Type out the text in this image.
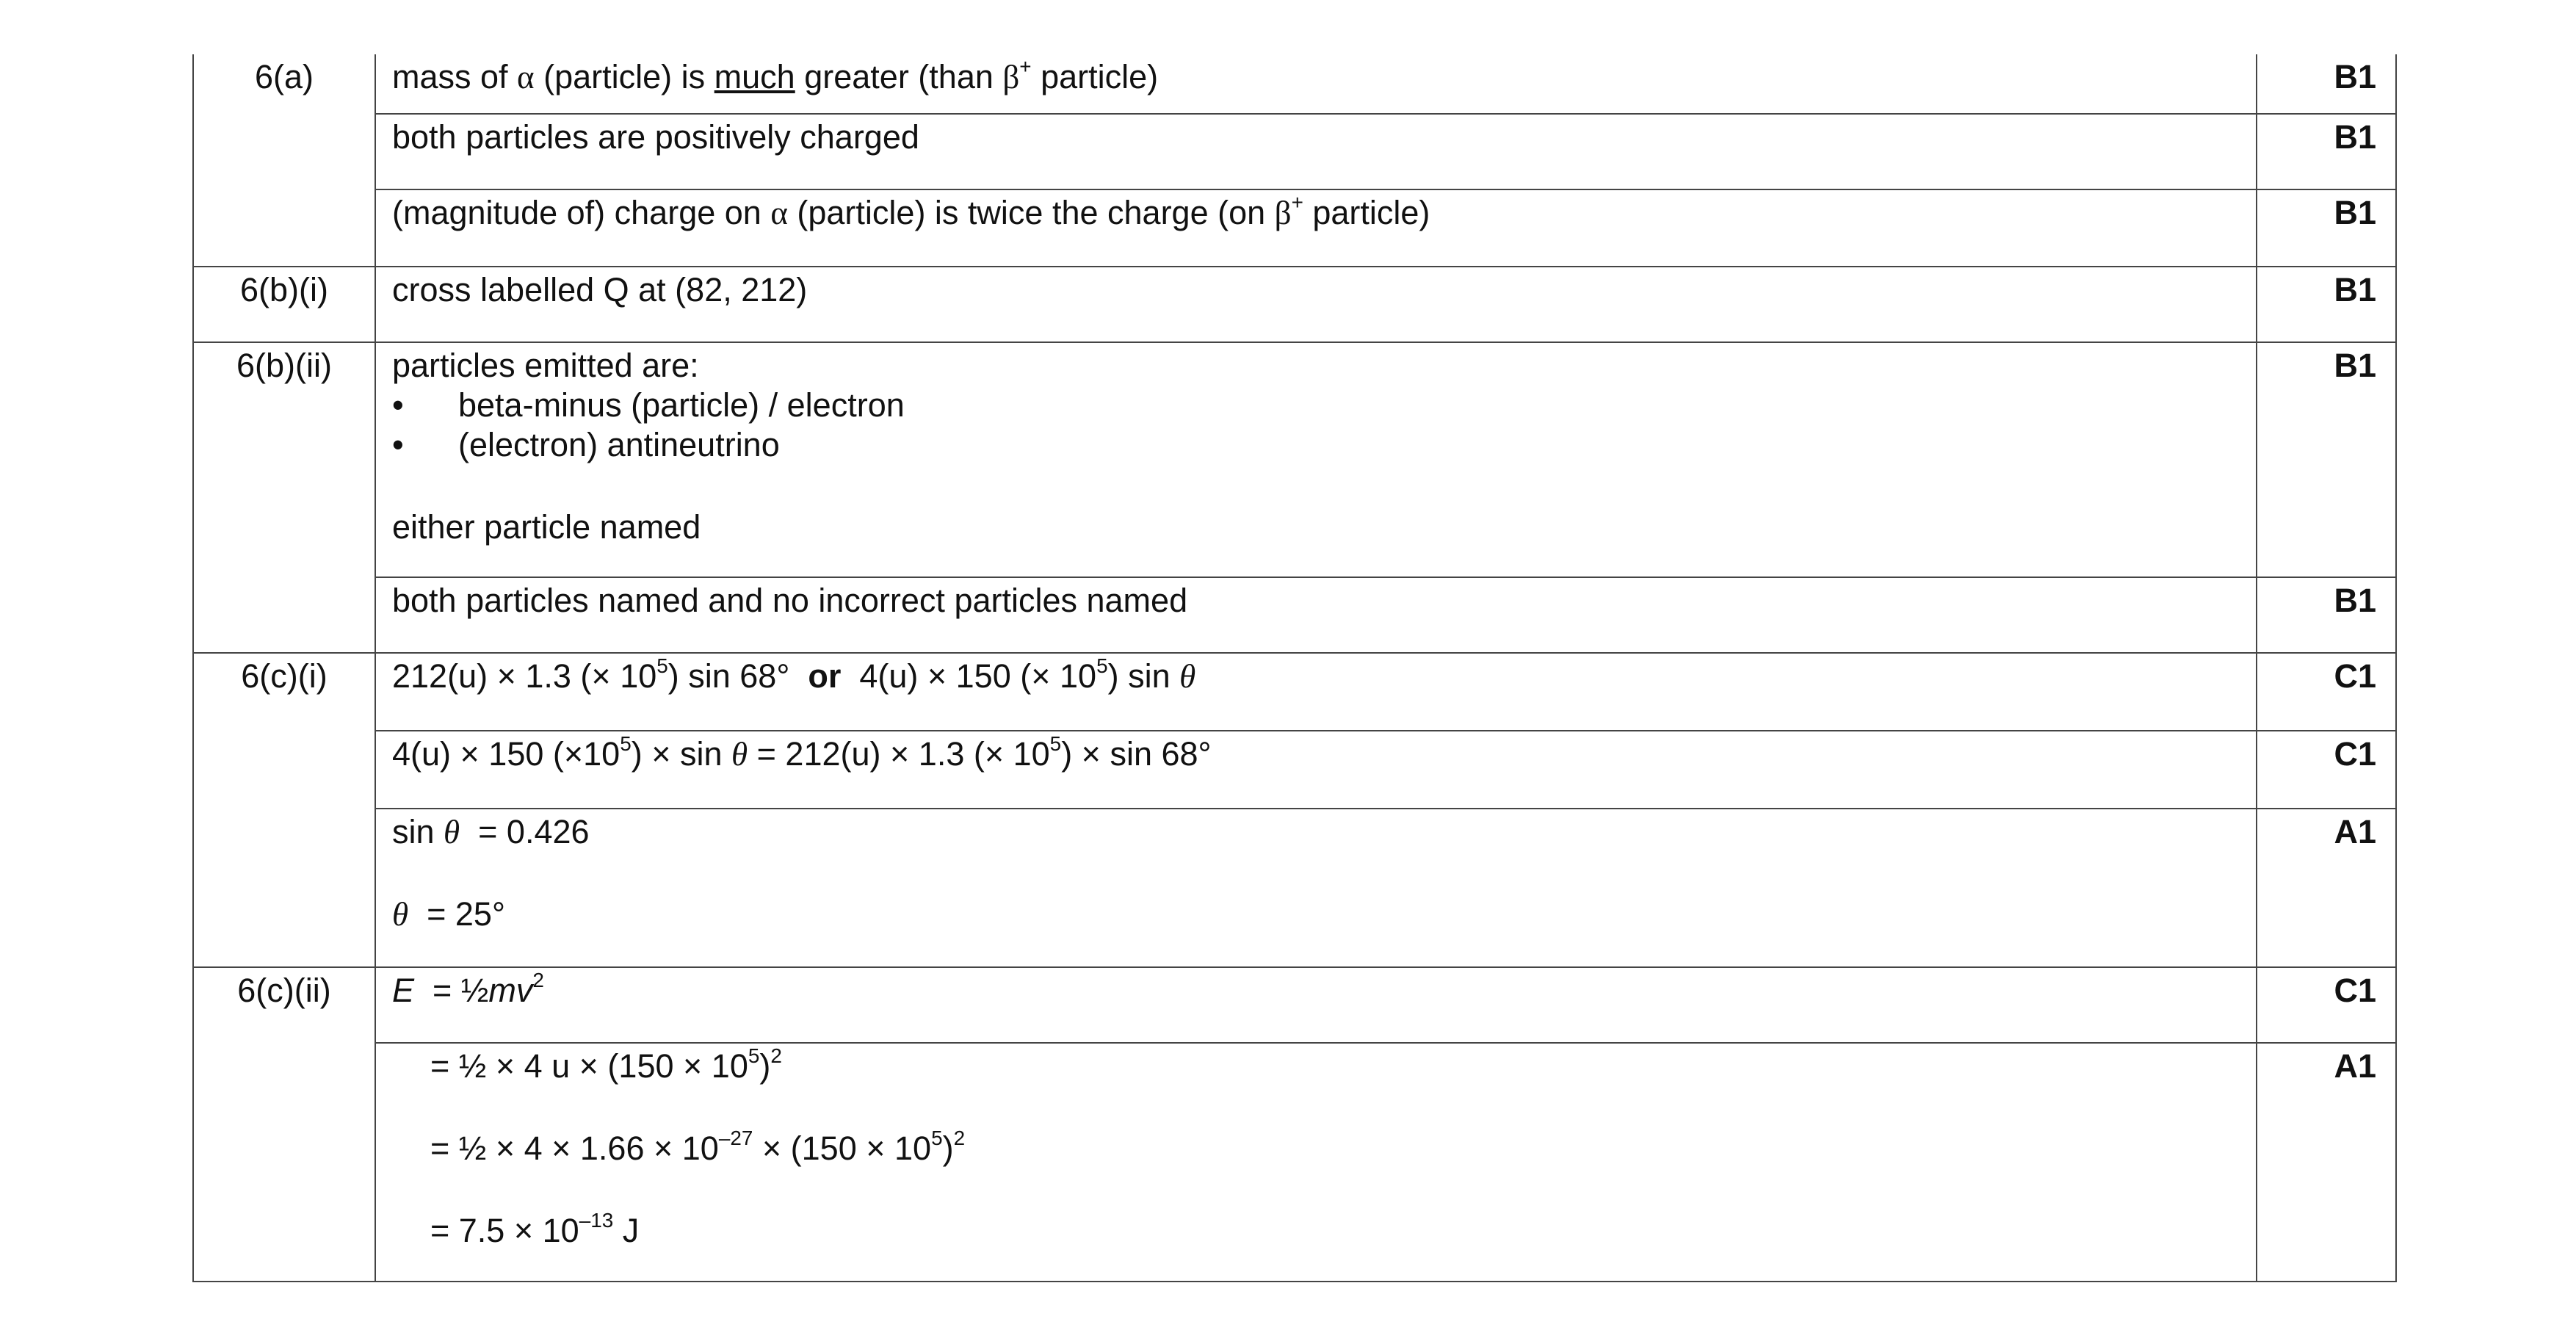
6(a)	mass of α (particle) is much greater (than β+ particle)	B1
	both particles are positively charged	B1

	(magnitude of) charge on α (particle) is twice the charge (on β+ particle)	B1
6(b)(i)	cross labelled Q at (82, 212)	B1
6(b)(ii)	particles emitted are:
• beta-minus (particle) / electron
• (electron) antineutrino
either particle named	B1
	both particles named and no incorrect particles named	B1
6(c)(i)	212(u) × 1.3 (× $10^5$) sin 68°  or  4(u) × 150 (× $10^5$) sin θ	C1

	4(u) × 150 $(\times 10^5) \times \sin \theta = 212(u) \times 1.3$ (× $10^5) \times \sin 68^\circ$	C1

	sin θ  = 0.426
θ  = 25°	A1
6(c)(ii)	$E = \frac{1}{2}mv^2$	C1

	= ½ × 4 $u \times (150 \times 10^5)^2$
= ½ × $4 \times 1.66 \times 10^{-27} \times (150 \times 10^5)^2$
= $7.5 \times 10^{-13}$ J	A1
